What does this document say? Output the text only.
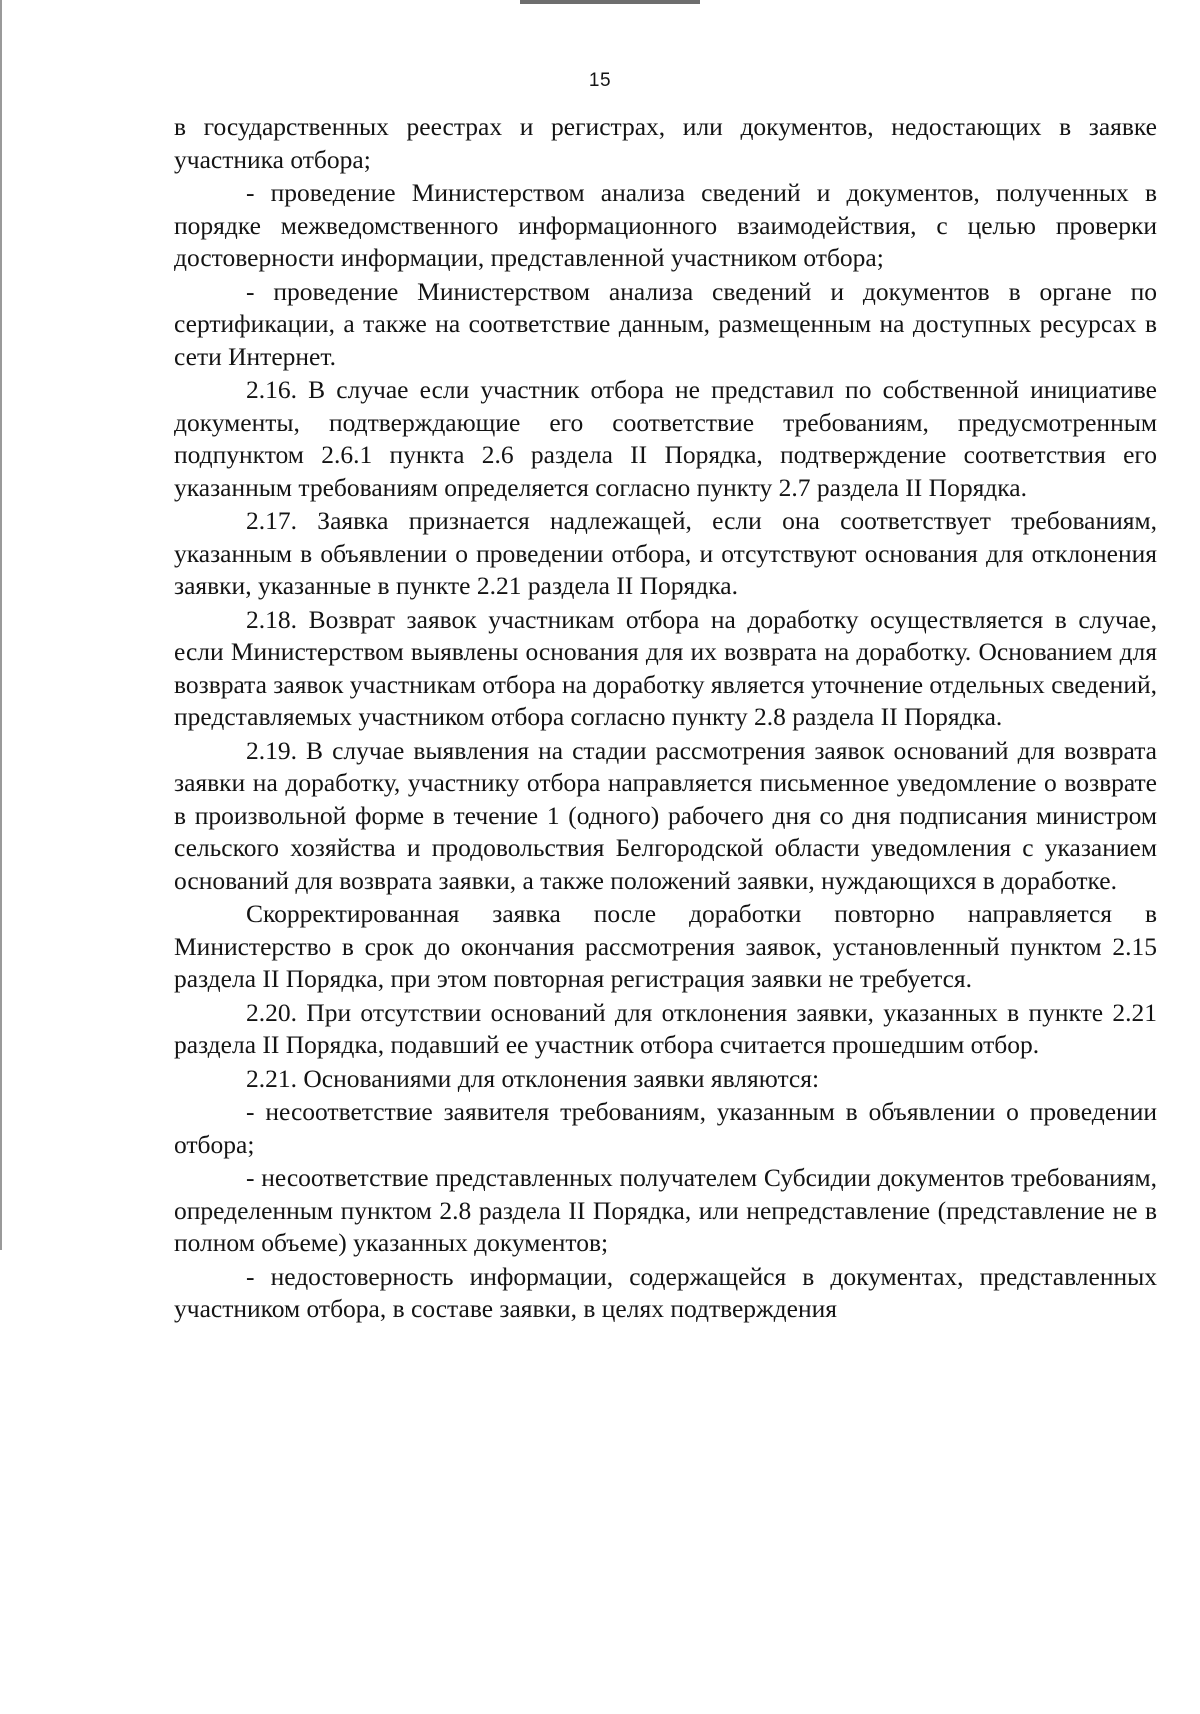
15

в государственных реестрах и регистрах, или документов, недостающих в заявке участника отбора;

- проведение Министерством анализа сведений и документов, полученных в порядке межведомственного информационного взаимодействия, с целью проверки достоверности информации, представленной участником отбора;

- проведение Министерством анализа сведений и документов в органе по сертификации, а также на соответствие данным, размещенным на доступных ресурсах в сети Интернет.

2.16. В случае если участник отбора не представил по собственной инициативе документы, подтверждающие его соответствие требованиям, предусмотренным подпунктом 2.6.1 пункта 2.6 раздела II Порядка, подтверждение соответствия его указанным требованиям определяется согласно пункту 2.7 раздела II Порядка.

2.17. Заявка признается надлежащей, если она соответствует требованиям, указанным в объявлении о проведении отбора, и отсутствуют основания для отклонения заявки, указанные в пункте 2.21 раздела II Порядка.

2.18. Возврат заявок участникам отбора на доработку осуществляется в случае, если Министерством выявлены основания для их возврата на доработку. Основанием для возврата заявок участникам отбора на доработку является уточнение отдельных сведений, представляемых участником отбора согласно пункту 2.8 раздела II Порядка.

2.19. В случае выявления на стадии рассмотрения заявок оснований для возврата заявки на доработку, участнику отбора направляется письменное уведомление о возврате в произвольной форме в течение 1 (одного) рабочего дня со дня подписания министром сельского хозяйства и продовольствия Белгородской области уведомления с указанием оснований для возврата заявки, а также положений заявки, нуждающихся в доработке.

Скорректированная заявка после доработки повторно направляется в Министерство в срок до окончания рассмотрения заявок, установленный пунктом 2.15 раздела II Порядка, при этом повторная регистрация заявки не требуется.

2.20. При отсутствии оснований для отклонения заявки, указанных в пункте 2.21 раздела II Порядка, подавший ее участник отбора считается прошедшим отбор.

2.21. Основаниями для отклонения заявки являются:

- несоответствие заявителя требованиям, указанным в объявлении о проведении отбора;

- несоответствие представленных получателем Субсидии документов требованиям, определенным пунктом 2.8 раздела II Порядка, или непредставление (представление не в полном объеме) указанных документов;

- недостоверность информации, содержащейся в документах, представленных участником отбора, в составе заявки, в целях подтверждения
